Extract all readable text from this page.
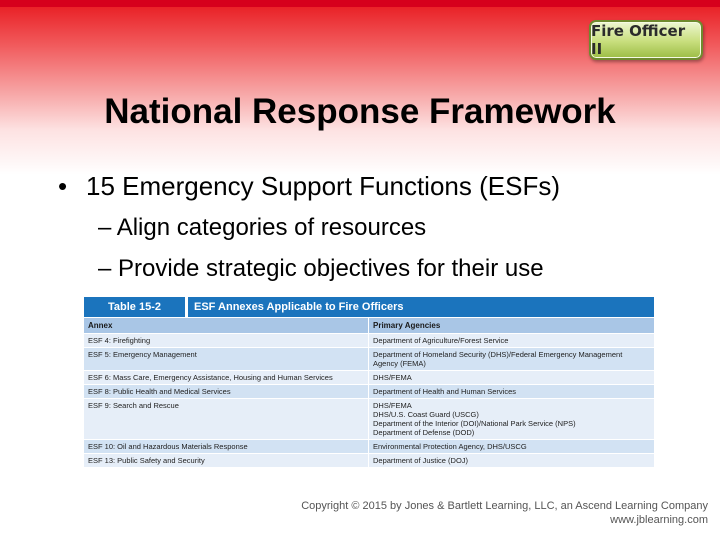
Fire Officer II
National Response Framework
• 15 Emergency Support Functions (ESFs)
– Align categories of resources
– Provide strategic objectives for their use
Table 15-2	ESF Annexes Applicable to Fire Officers
Annex	Primary Agencies
ESF 4: Firefighting	Department of Agriculture/Forest Service
ESF 5: Emergency Management	Department of Homeland Security (DHS)/Federal Emergency Management
Agency (FEMA)
ESF 6: Mass Care, Emergency Assistance, Housing and Human Services	DHS/FEMA
ESF 8: Public Health and Medical Services	Department of Health and Human Services
ESF 9: Search and Rescue	DHS/FEMA
DHS/U.S. Coast Guard (USCG)
Department of the Interior (DOI)/National Park Service (NPS)
Department of Defense (DOD)
ESF 10: Oil and Hazardous Materials Response	Environmental Protection Agency, DHS/USCG
ESF 13: Public Safety and Security	Department of Justice (DOJ)
Copyright © 2015 by Jones & Bartlett Learning, LLC, an Ascend Learning Company
www.jblearning.com
